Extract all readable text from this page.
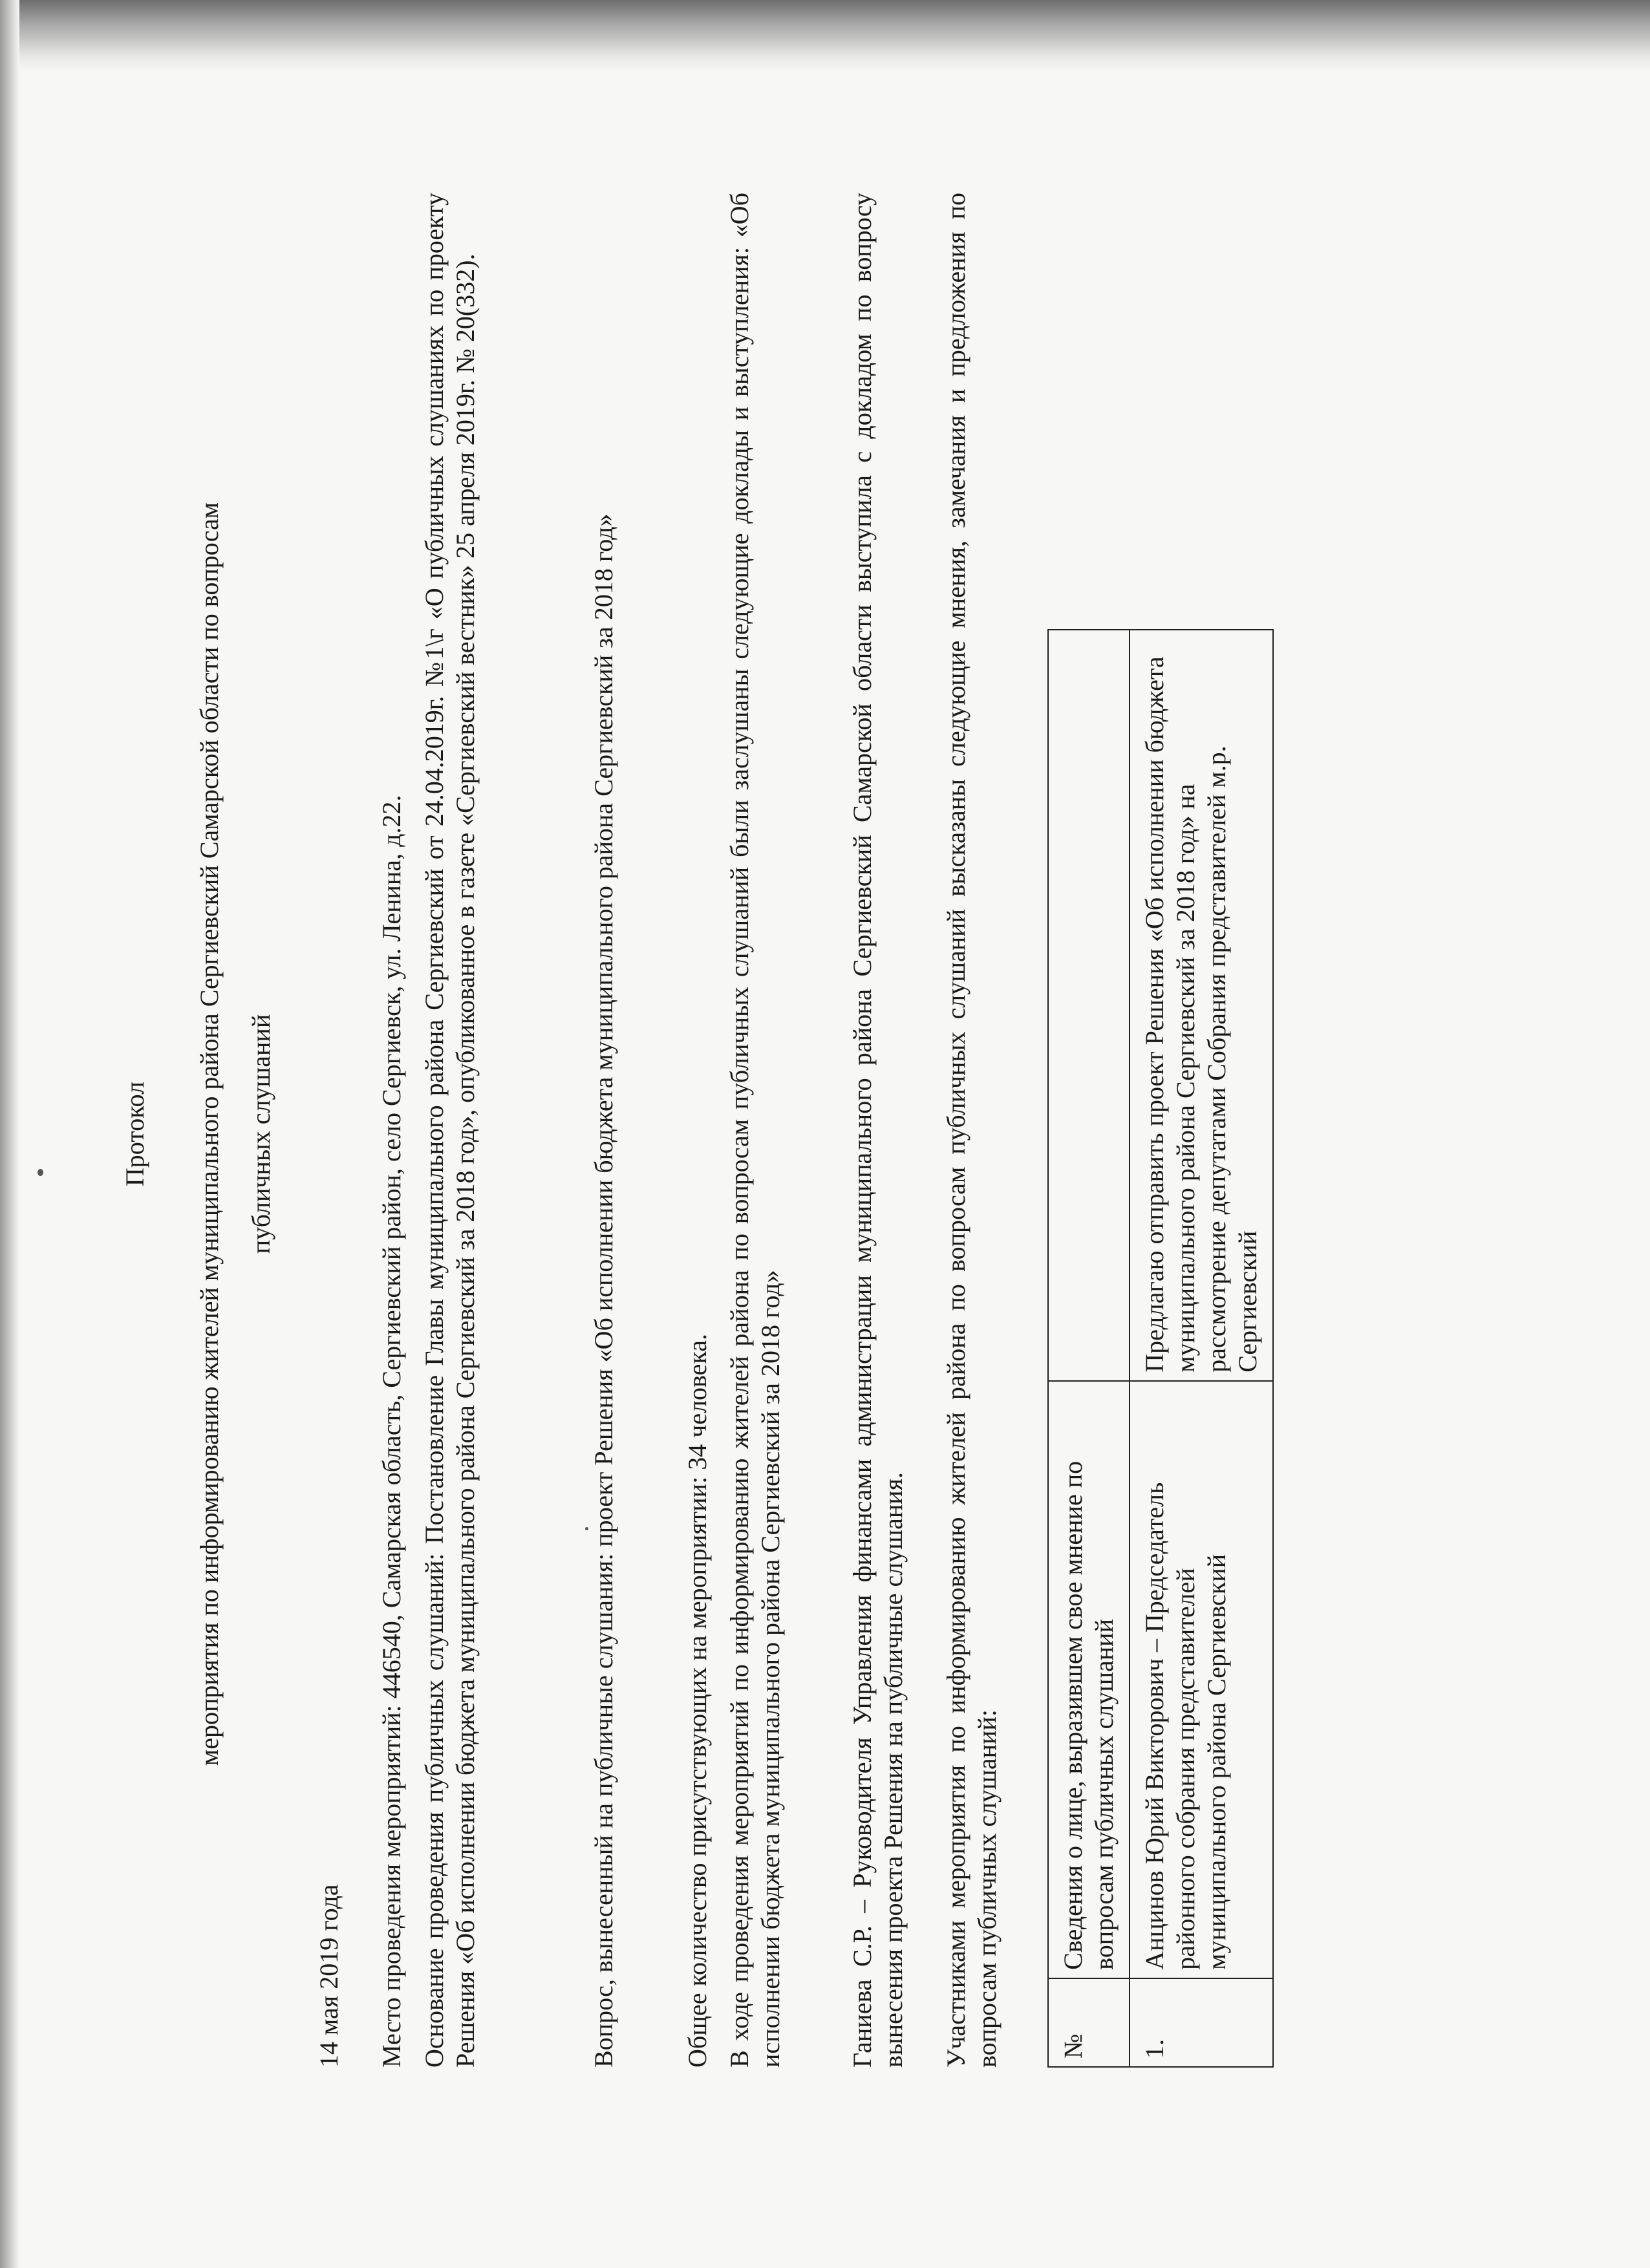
Протокол мероприятия по информированию жителей муниципального района Сергиевский Самарской области по вопросам публичных слушаний
14 мая 2019 года Место проведения мероприятий: 446540, Самарская область, Сергиевский район, село Сергиевск, ул. Ленина, д.22. Основание проведения публичных слушаний: Постановление Главы муниципального района Сергиевский от 24.04.2019г. №1\г «О публичных слушаниях по проекту Решения «Об исполнении бюджета муниципального района Сергиевский за 2018 год», опубликованное в газете «Сергиевский вестник» 25 апреля 2019г. № 20(332).	Вопрос, вынесенный на публичные слушания: проект Решения «Об исполнении бюджета муниципального района Сергиевский за 2018 год»	Общее количество присутствующих на мероприятии: 34 человека. В ходе проведения мероприятий по информированию жителей района по вопросам публичных слушаний были заслушаны следующие доклады и выступления: «Об исполнении бюджета муниципального района Сергиевский за 2018 год» Ганиева С.Р. – Руководителя Управления финансами администрации муниципального района Сергиевский Самарской области выступила с докладом по вопросу вынесения проекта Решения на публичные слушания. Участниками мероприятия по информированию жителей района по вопросам публичных слушаний высказаны следующие мнения, замечания и предложения по вопросам публичных слушаний: №	Сведения о лице, выразившем свое мнение по вопросам публичных слушаний	
1.	Анцинов Юрий Викторович – Председатель районного собрания представителей муниципального района Сергиевский	Предлагаю отправить проект Решения «Об исполнении бюджета муниципального района Сергиевский за 2018 год» на рассмотрение депутатами Собрания представителей м.р. Сергиевский
